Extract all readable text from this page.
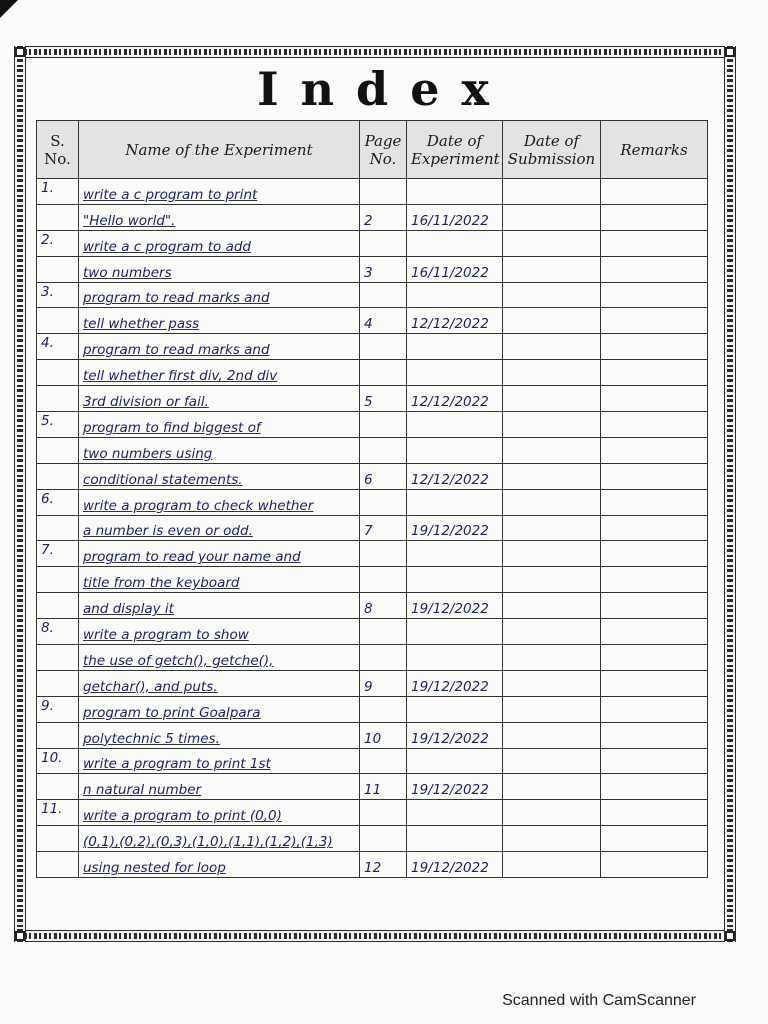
Index
S. No.	Name of the Experiment	Page No.	Date of Experiment	Date of Submission	Remarks
1.	write a c program to print				
	"Hello world".	2	16/11/2022		
2.	write a c program to add				
	two numbers	3	16/11/2022		
3.	program to read marks and				
	tell whether pass	4	12/12/2022		
4.	program to read marks and				
	tell whether first div, 2nd div				
	3rd division or fail.	5	12/12/2022		
5.	program to find biggest of				
	two numbers using				
	conditional statements.	6	12/12/2022		
6.	write a program to check whether				
	a number is even or odd.	7	19/12/2022		
7.	program to read your name and				
	title from the keyboard				
	and display it	8	19/12/2022		
8.	write a program to show				
	the use of getch(), getche(),				
	getchar(), and puts.	9	19/12/2022		
9.	program to print Goalpara				
	polytechnic 5 times.	10	19/12/2022		
10.	write a program to print 1st				
	n natural number	11	19/12/2022		
11.	write a program to print (0,0)				
	(0,1),(0,2),(0,3),(1,0),(1,1),(1,2),(1,3)				
	using nested for loop	12	19/12/2022		
Scanned with CamScanner
